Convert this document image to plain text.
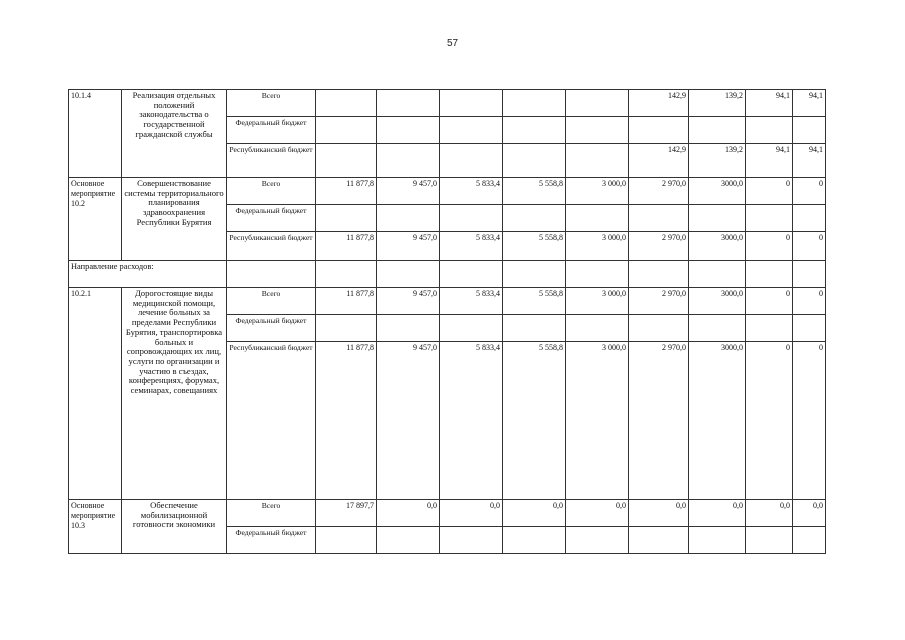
57
10.1.4	Реализация отдельных положений законодательства о государственной гражданской службы	Всего						142,9	139,2	94,1	94,1
		Федеральный бюджет									
		Республиканский бюджет						142,9	139,2	94,1	94,1
Основное мероприятие 10.2	Совершенствование системы территориального планирования здравоохранения Республики Бурятия	Всего	11 877,8	9 457,0	5 833,4	5 558,8	3 000,0	2 970,0	3000,0	0	0
		Федеральный бюджет									
		Республиканский бюджет	11 877,8	9 457,0	5 833,4	5 558,8	3 000,0	2 970,0	3000,0	0	0
Направление расходов:											
10.2.1	Дорогостоящие виды медицинской помощи, лечение больных за пределами Республики Бурятия, транспортировка больных и сопровождающих их лиц, услуги по организации и участию в съездах, конференциях, форумах, семинарах, совещаниях	Всего	11 877,8	9 457,0	5 833,4	5 558,8	3 000,0	2 970,0	3000,0	0	0
		Федеральный бюджет									
		Республиканский бюджет	11 877,8	9 457,0	5 833,4	5 558,8	3 000,0	2 970,0	3000,0	0	0
Основное мероприятие 10.3	Обеспечение мобилизационной готовности экономики	Всего	17 897,7	0,0	0,0	0,0	0,0	0,0	0,0	0,0	0,0
		Федеральный бюджет									
